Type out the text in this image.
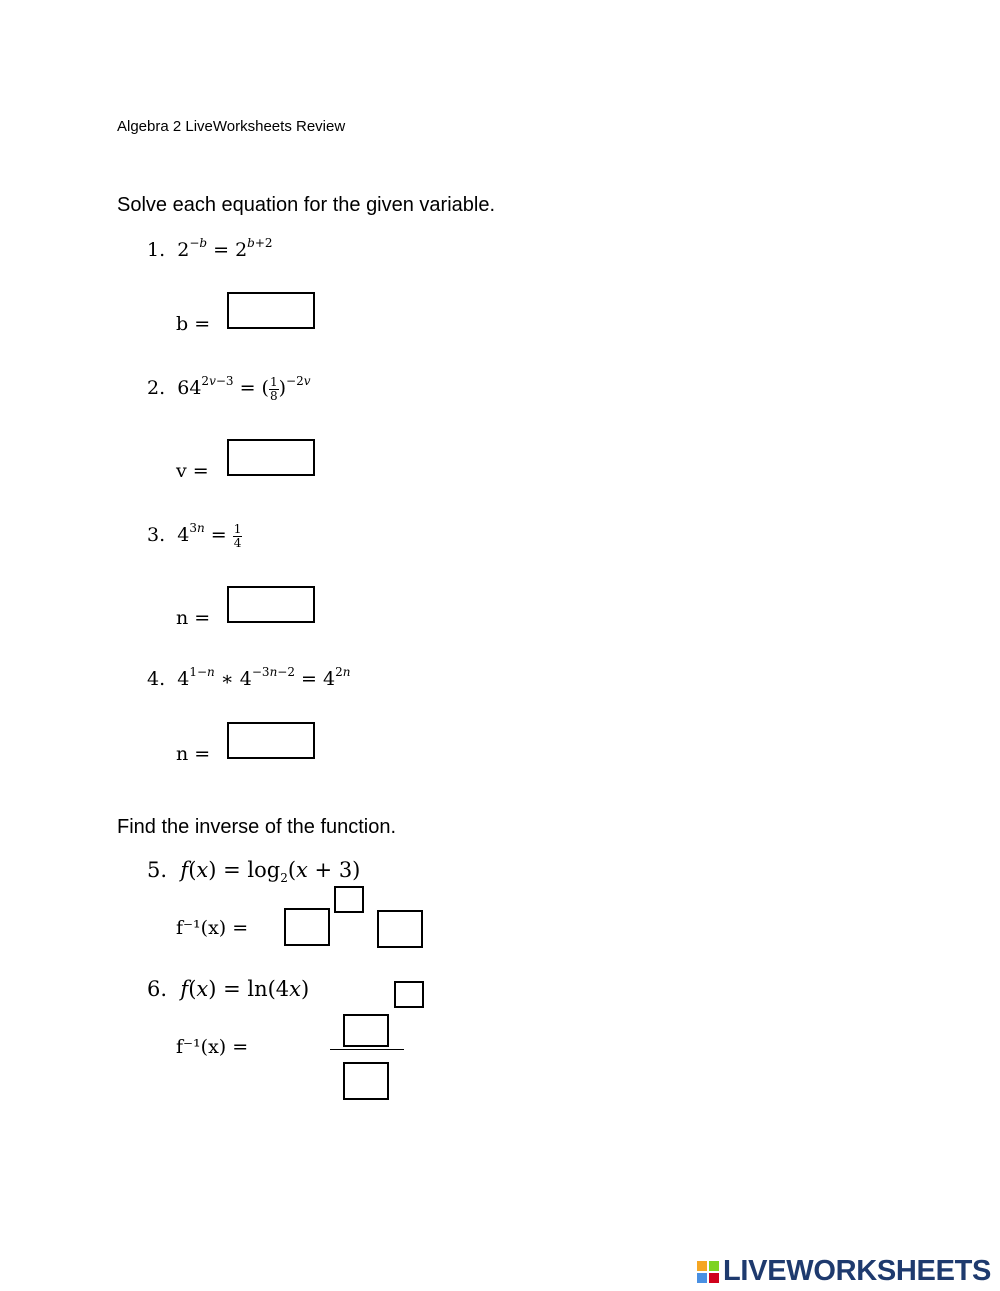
Algebra 2 LiveWorksheets Review
Solve each equation for the given variable.
1. $2^{-b} = 2^{b+2}$
b =
2. $64^{2v-3}$ = ( $\frac{1}{8} )^{-2v}$
v =
3. $4^{3n} = \frac{1}{4}$
n =
4. $4^{1-n}$ ∗ $4^{-3n-2} = 4^{2n}$
n =
Find the inverse of the function.
5. $f(x) = \log_2(x + 3)$
f⁻¹(x) =
6. f(x) = ln(4x)
f⁻¹(x) =
LIVEWORKSHEETS
